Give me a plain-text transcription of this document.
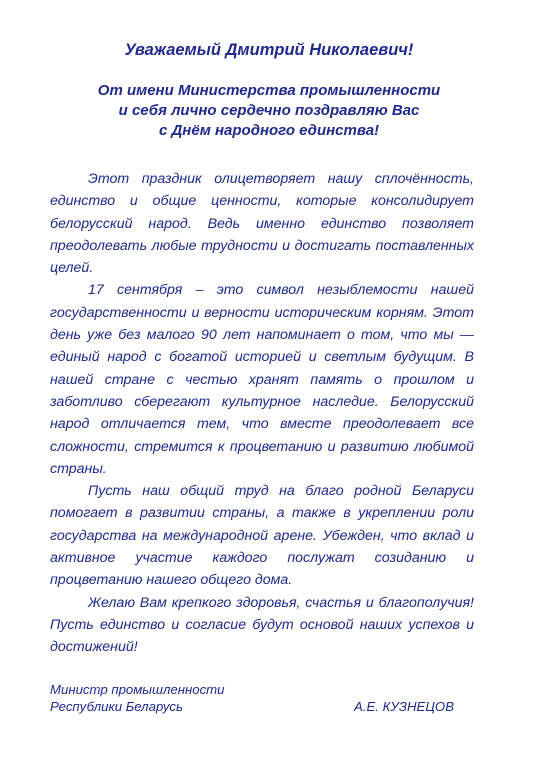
Уважаемый Дмитрий Николаевич!
От имени Министерства промышленности
и себя лично сердечно поздравляю Вас
с Днём народного единства!

Этот праздник олицетворяет нашу сплочённость, единство и общие ценности, которые консолидирует белорусский народ. Ведь именно единство позволяет преодолевать любые трудности и достигать поставленных целей.

17 сентября – это символ незыблемости нашей государственности и верности историческим корням. Этот день уже без малого 90 лет напоминает о том, что мы — единый народ с богатой историей и светлым будущим. В нашей стране с честью хранят память о прошлом и заботливо сберегают культурное наследие. Белорусский народ отличается тем, что вместе преодолевает все сложности, стремится к процветанию и развитию любимой страны.

Пусть наш общий труд на благо родной Беларуси помогает в развитии страны, а также в укреплении роли государства на международной арене. Убежден, что вклад и активное участие каждого послужат созиданию и процветанию нашего общего дома.

Желаю Вам крепкого здоровья, счастья и благополучия! Пусть единство и согласие будут основой наших успехов и достижений!

Министр промышленности
Республики Беларусь	А.Е. КУЗНЕЦОВ
